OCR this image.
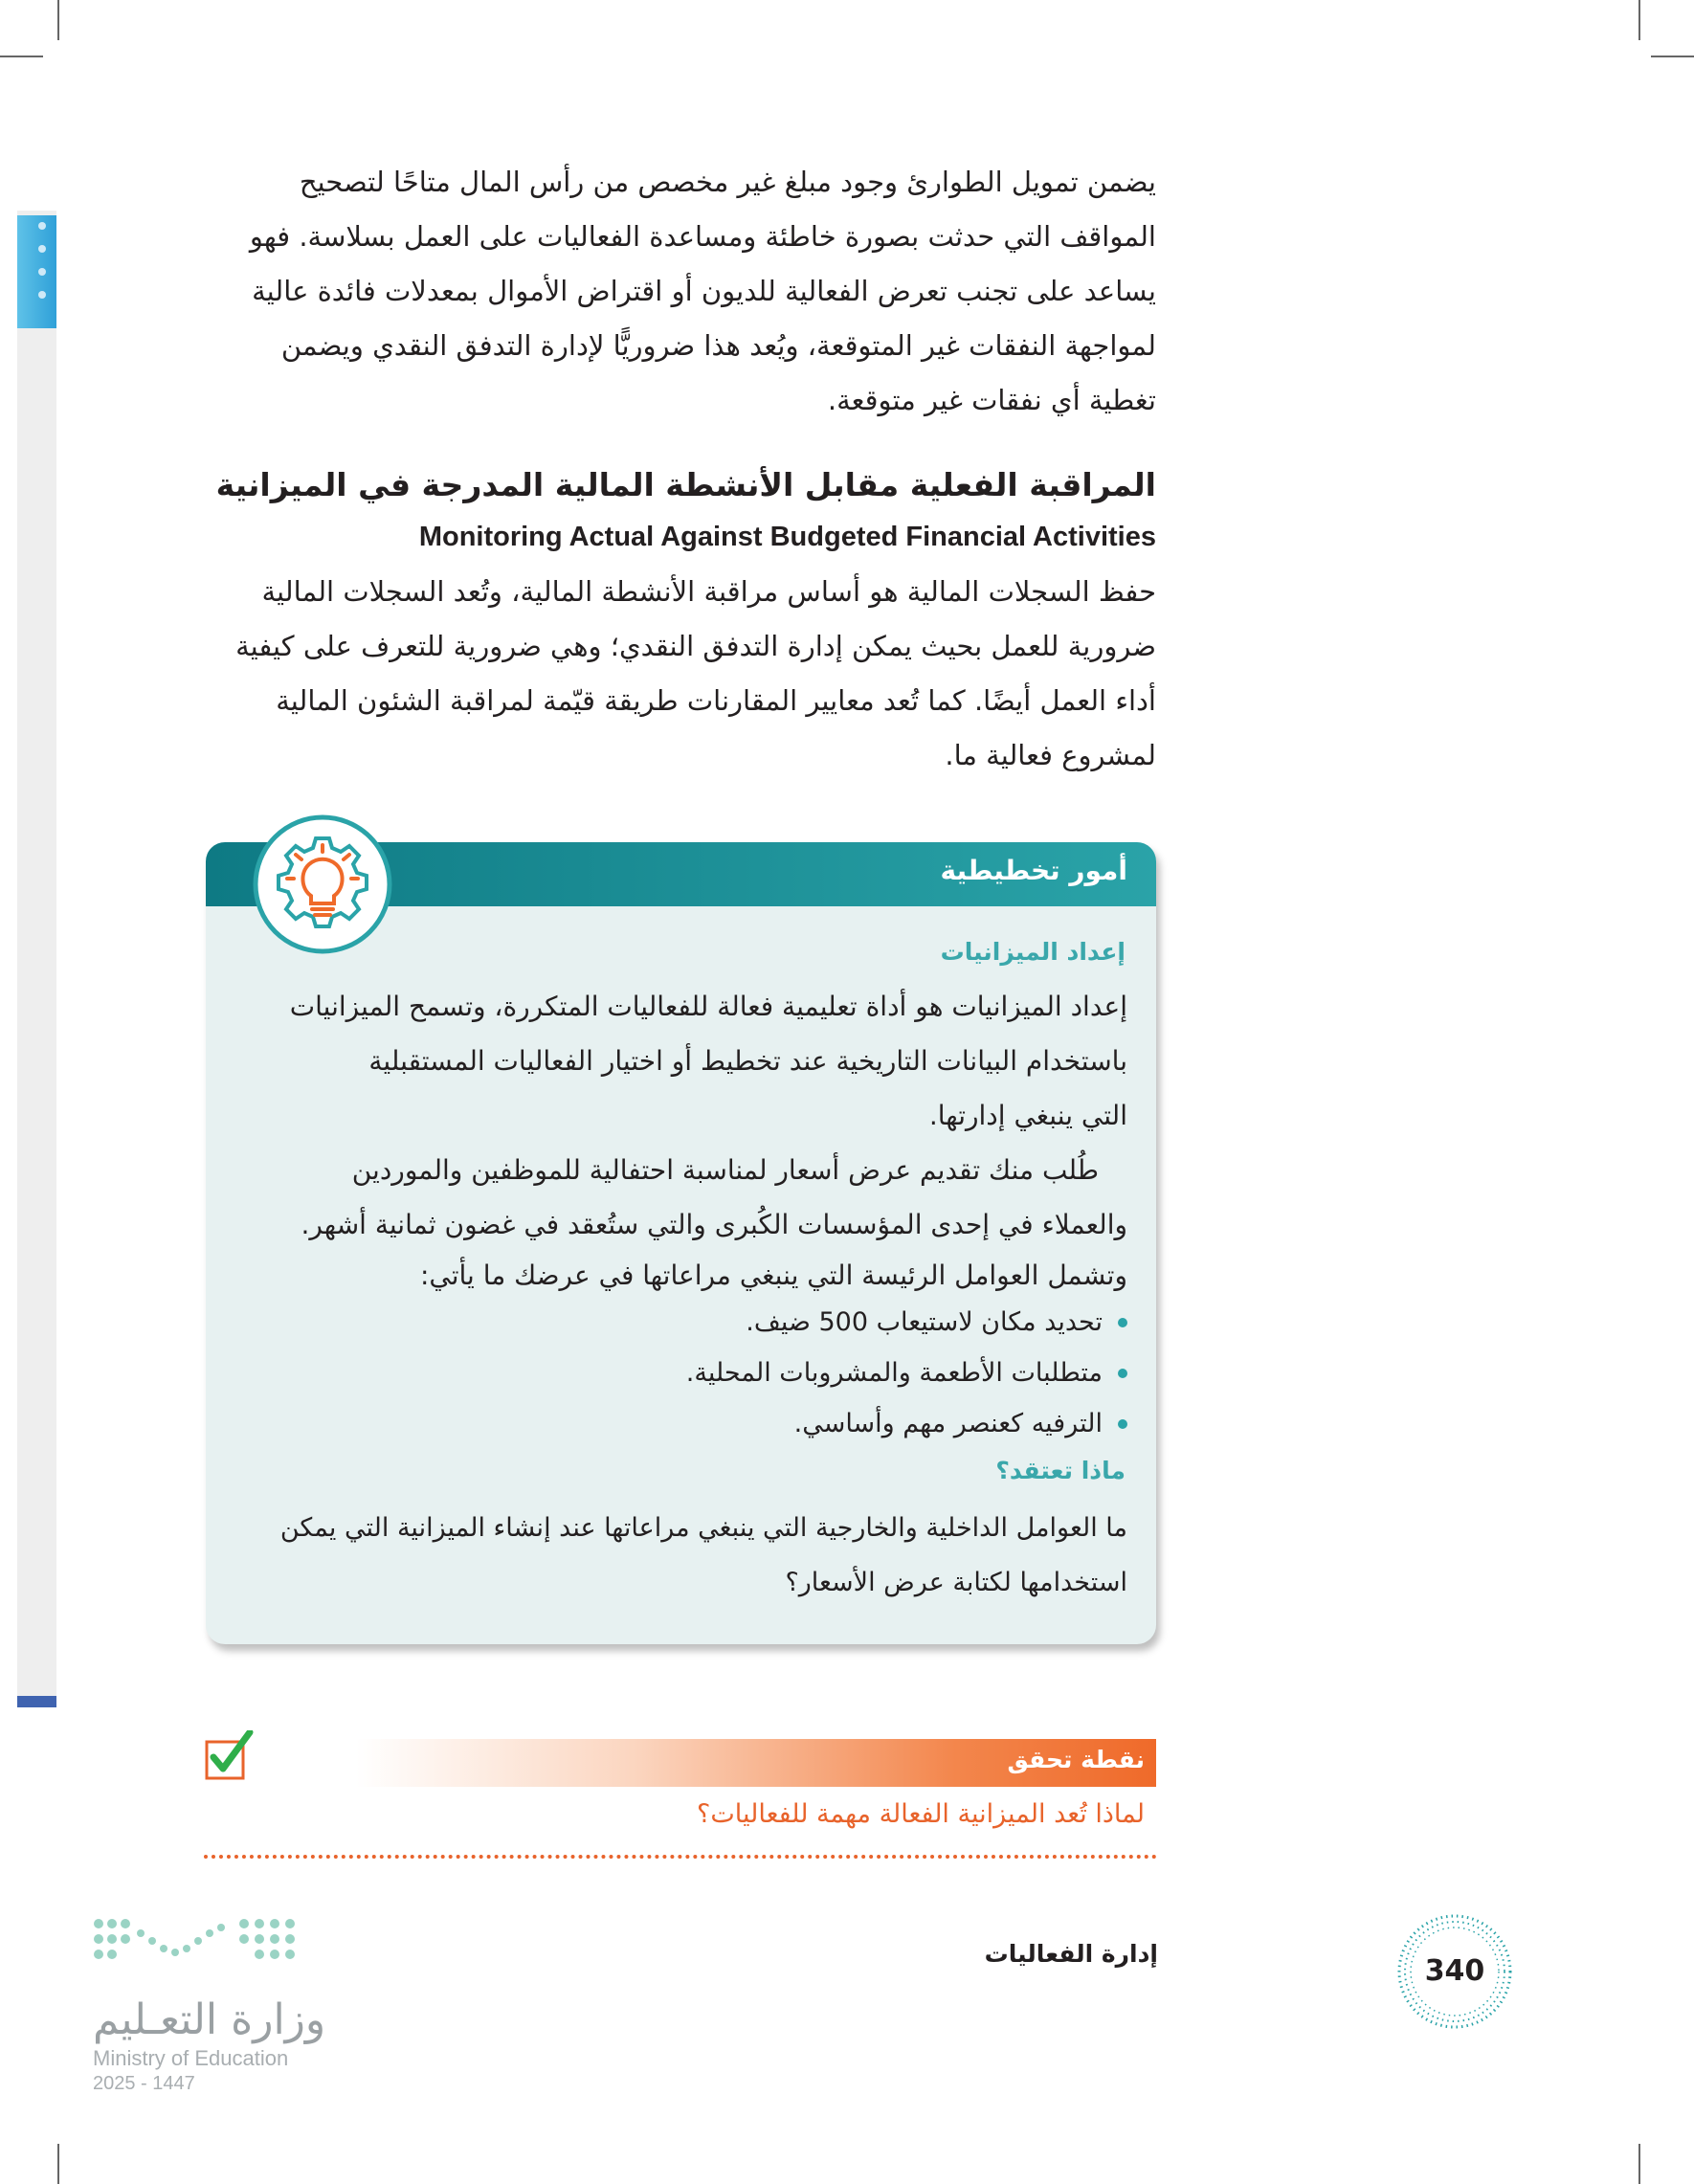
يضمن تمويل الطوارئ وجود مبلغ غير مخصص من رأس المال متاحًا لتصحيح

المواقف التي حدثت بصورة خاطئة ومساعدة الفعاليات على العمل بسلاسة. فهو

يساعد على تجنب تعرض الفعالية للديون أو اقتراض الأموال بمعدلات فائدة عالية

لمواجهة النفقات غير المتوقعة، ويُعد هذا ضروريًّا لإدارة التدفق النقدي ويضمن

تغطية أي نفقات غير متوقعة.

المراقبة الفعلية مقابل الأنشطة المالية المدرجة في الميزانية
Monitoring Actual Against Budgeted Financial Activities

حفظ السجلات المالية هو أساس مراقبة الأنشطة المالية، وتُعد السجلات المالية

ضرورية للعمل بحيث يمكن إدارة التدفق النقدي؛ وهي ضرورية للتعرف على كيفية

أداء العمل أيضًا. كما تُعد معايير المقارنات طريقة قيّمة لمراقبة الشئون المالية

لمشروع فعالية ما.

أمور تخطيطية
إعداد الميزانيات

إعداد الميزانيات هو أداة تعليمية فعالة للفعاليات المتكررة، وتسمح الميزانيات

باستخدام البيانات التاريخية عند تخطيط أو اختيار الفعاليات المستقبلية

التي ينبغي إدارتها.

طُلب منك تقديم عرض أسعار لمناسبة احتفالية للموظفين والموردين

والعملاء في إحدى المؤسسات الكُبرى والتي ستُعقد في غضون ثمانية أشهر.

وتشمل العوامل الرئيسة التي ينبغي مراعاتها في عرضك ما يأتي:

تحديد مكان لاستيعاب 500 ضيف.
متطلبات الأطعمة والمشروبات المحلية.
الترفيه كعنصر مهم وأساسي.
ماذا تعتقد؟

ما العوامل الداخلية والخارجية التي ينبغي مراعاتها عند إنشاء الميزانية التي يمكن

استخدامها لكتابة عرض الأسعار؟

نقطة تحقق
لماذا تُعد الميزانية الفعالة مهمة للفعاليات؟
340
إدارة الفعاليات
وزارة التعـليم
Ministry of Education
2025 - 1447
